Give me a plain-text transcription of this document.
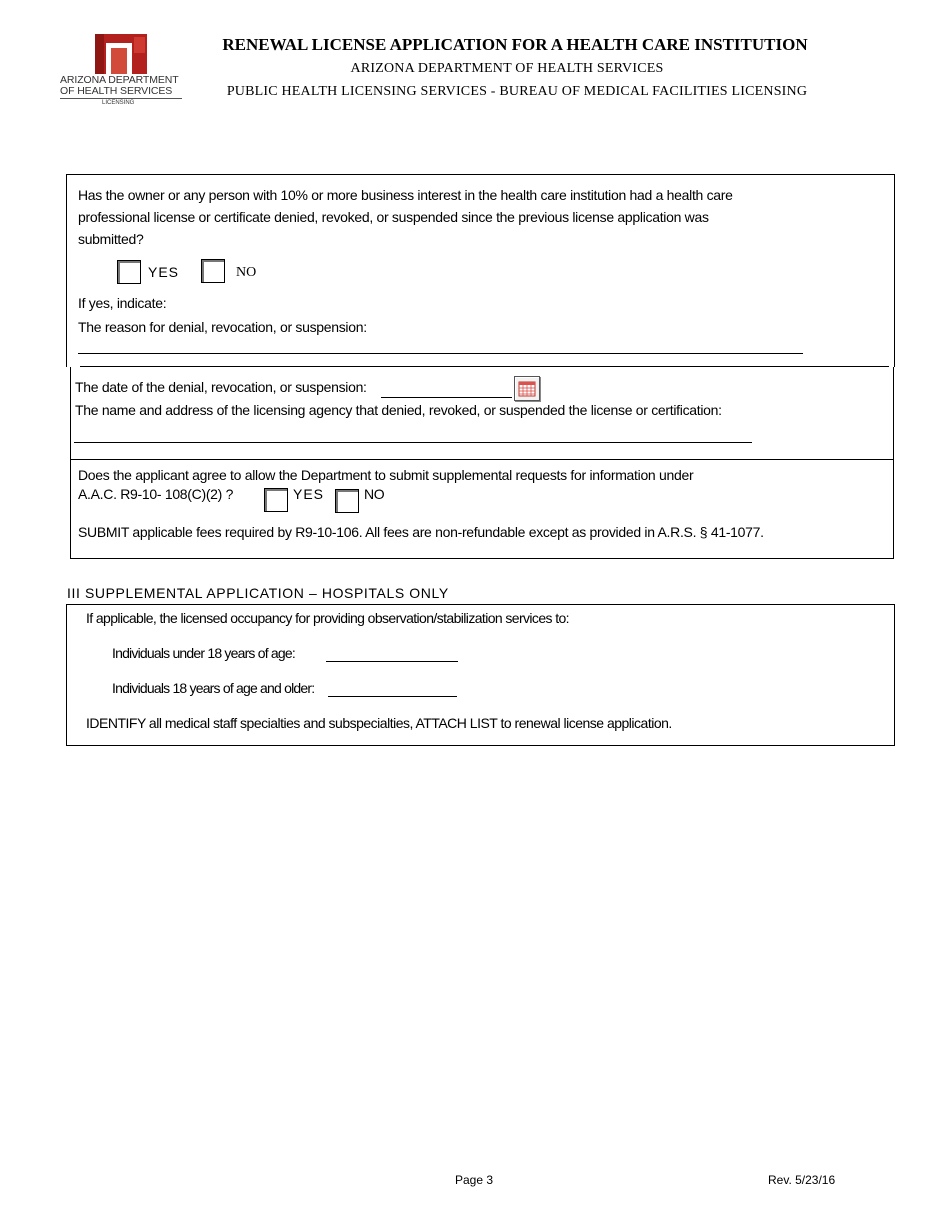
ARIZONA DEPARTMENT
OF HEALTH SERVICES
LICENSING
RENEWAL LICENSE APPLICATION FOR A HEALTH CARE INSTITUTION
ARIZONA DEPARTMENT OF HEALTH SERVICES
PUBLIC HEALTH LICENSING SERVICES - BUREAU OF MEDICAL FACILITIES LICENSING
Has the owner or any person with 10% or more business interest in the health care institution had a health care
professional license or certificate denied, revoked, or suspended since the previous license application was
submitted?
YES	NO
If yes, indicate:
The reason for denial, revocation, or suspension:
The date of the denial, revocation, or suspension:
The name and address of the licensing agency that denied, revoked, or suspended the license or certification:
Does the applicant agree to allow the Department to submit supplemental requests for information under
A.A.C. R9-10- 108(C)(2) ?	YES	NO
SUBMIT applicable fees required by R9-10-106. All fees are non-refundable except as provided in A.R.S. § 41-1077.
III SUPPLEMENTAL APPLICATION – HOSPITALS ONLY
If applicable, the licensed occupancy for providing observation/stabilization services to:
Individuals under 18 years of age:
Individuals 18 years of age and older:
IDENTIFY all medical staff specialties and subspecialties, ATTACH LIST to renewal license application.
Page 3	Rev. 5/23/16
